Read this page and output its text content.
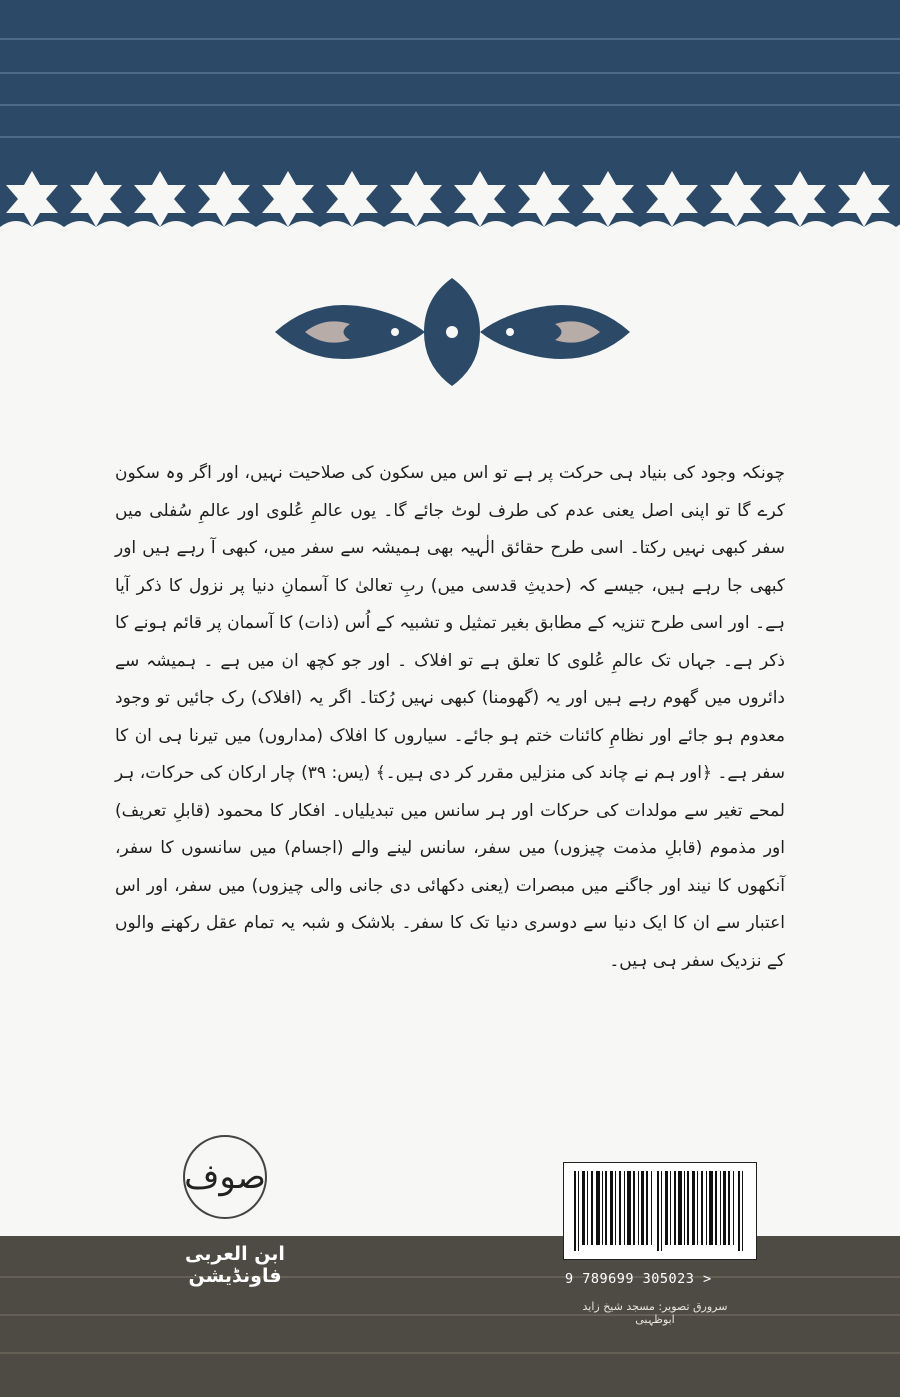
چونکہ وجود کی بنیاد ہی حرکت پر ہے تو اس میں سکون کی صلاحیت نہیں، اور اگر وہ سکون کرے گا تو اپنی اصل یعنی عدم کی طرف لوٹ جائے گا۔ یوں عالمِ عُلوی اور عالمِ سُفلی میں سفر کبھی نہیں رکتا۔ اسی طرح حقائق الٰہیہ بھی ہمیشہ سے سفر میں، کبھی آ رہے ہیں اور کبھی جا رہے ہیں، جیسے کہ (حدیثِ قدسی میں) ربِ تعالیٰ کا آسمانِ دنیا پر نزول کا ذکر آیا ہے۔ اور اسی طرح تنزیہ کے مطابق بغیر تمثیل و تشبیہ کے اُس (ذات) کا آسمان پر قائم ہونے کا ذکر ہے۔ جہاں تک عالمِ عُلوی کا تعلق ہے تو افلاک ۔ اور جو کچھ ان میں ہے ۔ ہمیشہ سے دائروں میں گھوم رہے ہیں اور یہ (گھومنا) کبھی نہیں رُکتا۔ اگر یہ (افلاک) رک جائیں تو وجود معدوم ہو جائے اور نظامِ کائنات ختم ہو جائے۔ سیاروں کا افلاک (مداروں) میں تیرنا ہی ان کا سفر ہے۔ ﴿اور ہم نے چاند کی منزلیں مقرر کر دی ہیں۔﴾ (یس: ۳۹) چار ارکان کی حرکات، ہر لمحے تغیر سے مولدات کی حرکات اور ہر سانس میں تبدیلیاں۔ افکار کا محمود (قابلِ تعریف) اور مذموم (قابلِ مذمت چیزوں) میں سفر، سانس لینے والے (اجسام) میں سانسوں کا سفر، آنکھوں کا نیند اور جاگنے میں مبصرات (یعنی دکھائی دی جانی والی چیزوں) میں سفر، اور اس اعتبار سے ان کا ایک دنیا سے دوسری دنیا تک کا سفر۔ بلاشک و شبہ یہ تمام عقل رکھنے والوں کے نزدیک سفر ہی ہیں۔

صوف
ابن العربی فاونڈیشن	9 789699 305023 >
سرورق تصویر: مسجد شیخ زاید ابوظہبی
